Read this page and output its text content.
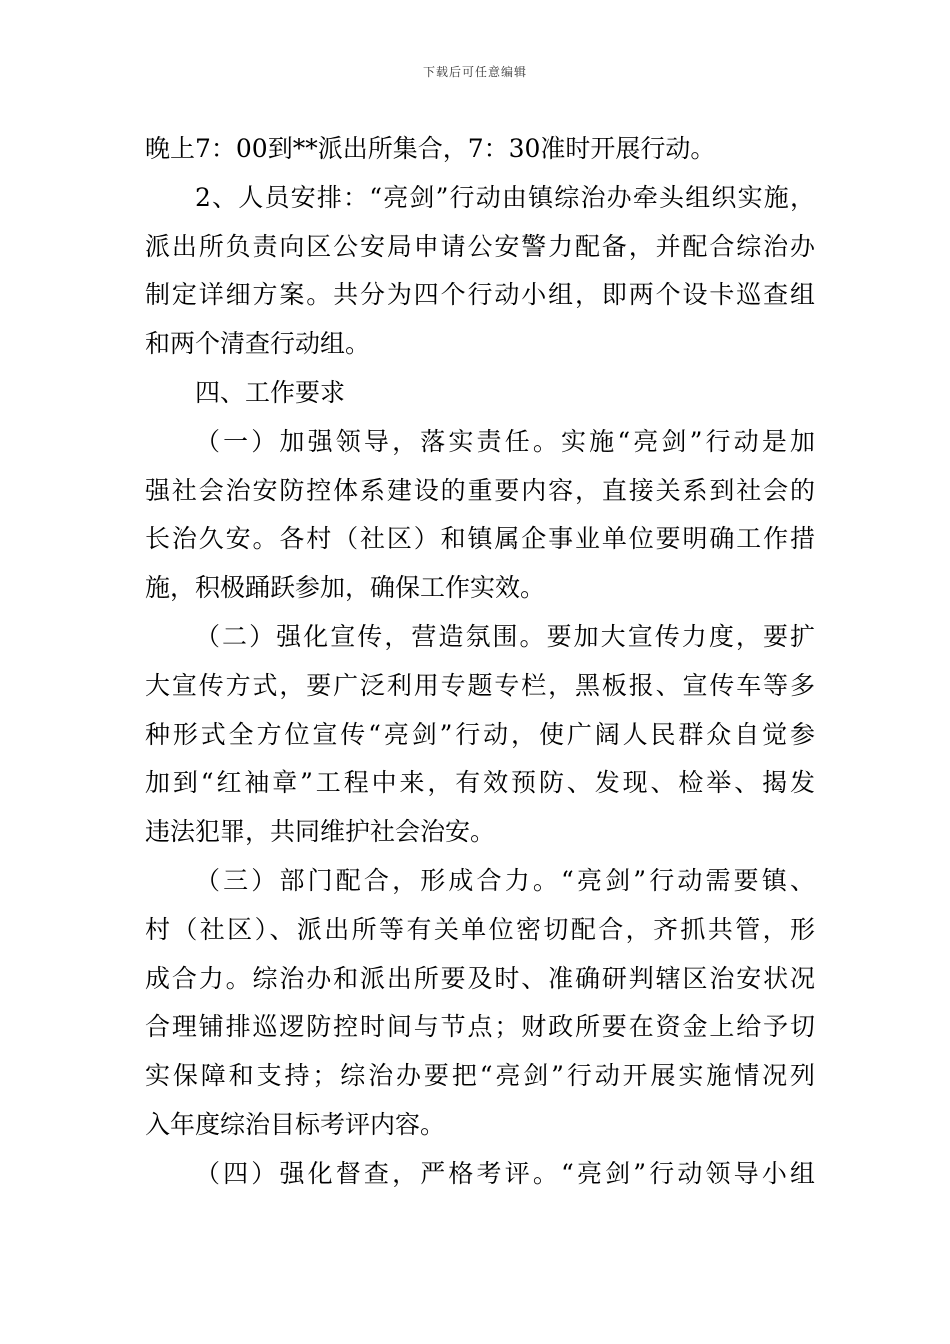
下载后可任意编辑
晚上7：00到**派出所集合，7：30准时开展行动。
2、人员安排：“亮剑”行动由镇综治办牵头组织实施，
派出所负责向区公安局申请公安警力配备，并配合综治办
制定详细方案。共分为四个行动小组，即两个设卡巡查组
和两个清查行动组。
四、工作要求
（一）加强领导，落实责任。实施“亮剑”行动是加
强社会治安防控体系建设的重要内容，直接关系到社会的
长治久安。各村（社区）和镇属企事业单位要明确工作措
施，积极踊跃参加，确保工作实效。
（二）强化宣传，营造氛围。要加大宣传力度，要扩
大宣传方式，要广泛利用专题专栏，黑板报、宣传车等多
种形式全方位宣传“亮剑”行动，使广阔人民群众自觉参
加到“红袖章”工程中来，有效预防、发现、检举、揭发
违法犯罪，共同维护社会治安。
（三）部门配合，形成合力。“亮剑”行动需要镇、
村（社区）、派出所等有关单位密切配合，齐抓共管，形
成合力。综治办和派出所要及时、准确研判辖区治安状况
合理铺排巡逻防控时间与节点；财政所要在资金上给予切
实保障和支持；综治办要把“亮剑”行动开展实施情况列
入年度综治目标考评内容。
（四）强化督查，严格考评。“亮剑”行动领导小组
